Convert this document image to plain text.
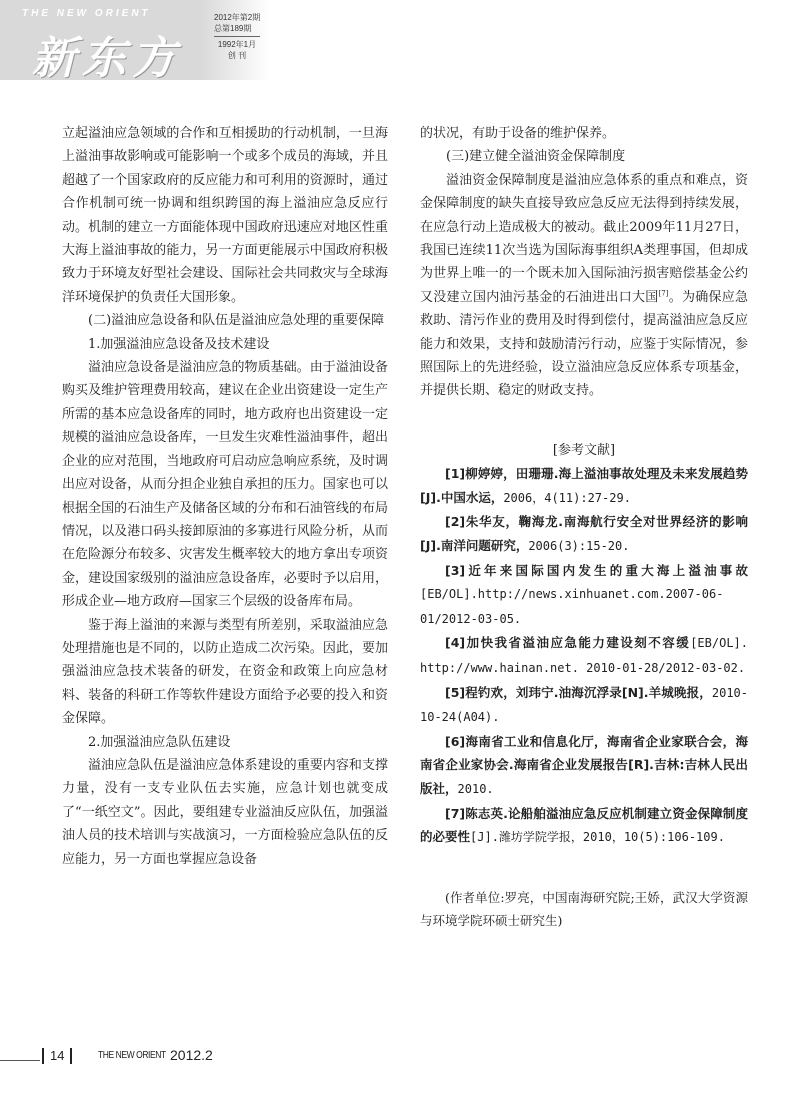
THE NEW ORIENT
新东方
2012年第2期
总第189期
1992年1月
创 刊

立起溢油应急领域的合作和互相援助的行动机制，一旦海上溢油事故影响或可能影响一个或多个成员的海域，并且超越了一个国家政府的反应能力和可利用的资源时，通过合作机制可统一协调和组织跨国的海上溢油应急反应行动。机制的建立一方面能体现中国政府迅速应对地区性重大海上溢油事故的能力，另一方面更能展示中国政府积极致力于环境友好型社会建设、国际社会共同救灾与全球海洋环境保护的负责任大国形象。

(二)溢油应急设备和队伍是溢油应急处理的重要保障

1.加强溢油应急设备及技术建设

溢油应急设备是溢油应急的物质基础。由于溢油设备购买及维护管理费用较高，建议在企业出资建设一定生产所需的基本应急设备库的同时，地方政府也出资建设一定规模的溢油应急设备库，一旦发生灾难性溢油事件，超出企业的应对范围，当地政府可启动应急响应系统，及时调出应对设备，从而分担企业独自承担的压力。国家也可以根据全国的石油生产及储备区域的分布和石油管线的布局情况，以及港口码头接卸原油的多寡进行风险分析，从而在危险源分布较多、灾害发生概率较大的地方拿出专项资金，建设国家级别的溢油应急设备库，必要时予以启用，形成企业—地方政府—国家三个层级的设备库布局。

鉴于海上溢油的来源与类型有所差别，采取溢油应急处理措施也是不同的，以防止造成二次污染。因此，要加强溢油应急技术装备的研发，在资金和政策上向应急材料、装备的科研工作等软件建设方面给予必要的投入和资金保障。

2.加强溢油应急队伍建设

溢油应急队伍是溢油应急体系建设的重要内容和支撑力量，没有一支专业队伍去实施，应急计划也就变成了“一纸空文”。因此，要组建专业溢油反应队伍，加强溢油人员的技术培训与实战演习，一方面检验应急队伍的反应能力，另一方面也掌握应急设备

的状况，有助于设备的维护保养。

(三)建立健全溢油资金保障制度

溢油资金保障制度是溢油应急体系的重点和难点，资金保障制度的缺失直接导致应急反应无法得到持续发展，在应急行动上造成极大的被动。截止2009年11月27日，我国已连续11次当选为国际海事组织A类理事国，但却成为世界上唯一的一个既未加入国际油污损害赔偿基金公约又没建立国内油污基金的石油进出口大国[7]。为确保应急救助、清污作业的费用及时得到偿付，提高溢油应急反应能力和效果，支持和鼓励清污行动，应鉴于实际情况，参照国际上的先进经验，设立溢油应急反应体系专项基金，并提供长期、稳定的财政支持。

[参考文献]

[1]柳婷婷，田珊珊.海上溢油事故处理及未来发展趋势[J].中国水运，2006，4(11):27-29.

[2]朱华友，鞠海龙.南海航行安全对世界经济的影响[J].南洋问题研究，2006(3):15-20.

[3]近年来国际国内发生的重大海上溢油事故[EB/OL].http://news.xinhuanet.com.2007-06-01/2012-03-05.

[4]加快我省溢油应急能力建设刻不容缓[EB/OL]. http://www.hainan.net. 2010-01-28/2012-03-02.

[5]程钓欢，刘玮宁.油海沉浮录[N].羊城晚报，2010-10-24(A04).

[6]海南省工业和信息化厅，海南省企业家联合会，海南省企业家协会.海南省企业发展报告[R].吉林:吉林人民出版社，2010.

[7]陈志英.论船舶溢油应急反应机制建立资金保障制度的必要性[J].潍坊学院学报，2010，10(5):106-109.

(作者单位:罗亮，中国南海研究院;王娇，武汉大学资源与环境学院环硕士研究生)

14	THE NEW ORIENT 2012.2
